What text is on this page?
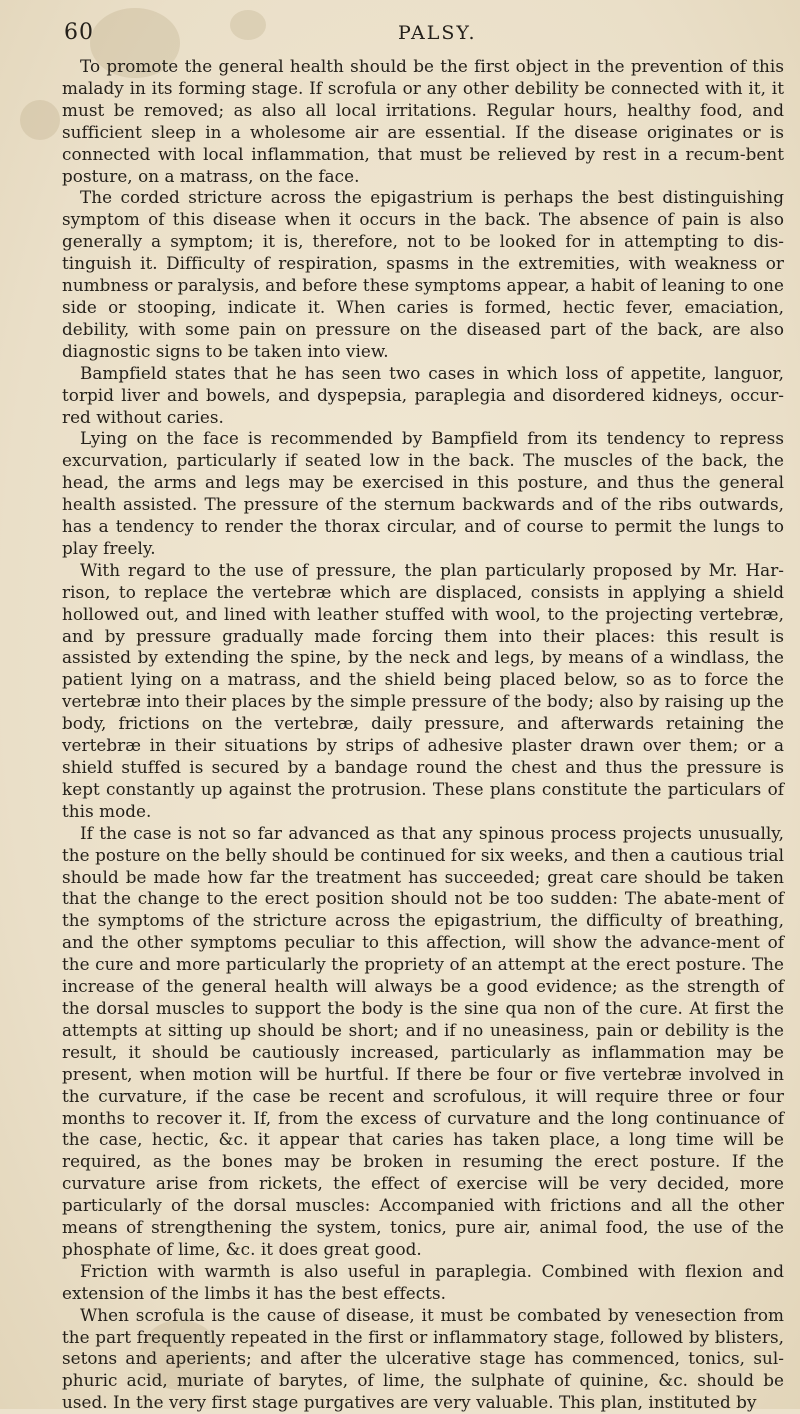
60	PALSY.

To promote the general health should be the first object in the prevention of this malady in its forming stage. If scrofula or any other debility be connected with it, it must be removed; as also all local irritations. Regular hours, healthy food, and sufficient sleep in a wholesome air are essential. If the disease originates or is connected with local inflammation, that must be relieved by rest in a recum-bent posture, on a matrass, on the face.

The corded stricture across the epigastrium is perhaps the best distinguishing symptom of this disease when it occurs in the back. The absence of pain is also generally a symptom; it is, therefore, not to be looked for in attempting to dis-tinguish it. Difficulty of respiration, spasms in the extremities, with weakness or numbness or paralysis, and before these symptoms appear, a habit of leaning to one side or stooping, indicate it. When caries is formed, hectic fever, emaciation, debility, with some pain on pressure on the diseased part of the back, are also diagnostic signs to be taken into view.

Bampfield states that he has seen two cases in which loss of appetite, languor, torpid liver and bowels, and dyspepsia, paraplegia and disordered kidneys, occur-red without caries.

Lying on the face is recommended by Bampfield from its tendency to repress excurvation, particularly if seated low in the back. The muscles of the back, the head, the arms and legs may be exercised in this posture, and thus the general health assisted. The pressure of the sternum backwards and of the ribs outwards, has a tendency to render the thorax circular, and of course to permit the lungs to play freely.

With regard to the use of pressure, the plan particularly proposed by Mr. Har-rison, to replace the vertebræ which are displaced, consists in applying a shield hollowed out, and lined with leather stuffed with wool, to the projecting vertebræ, and by pressure gradually made forcing them into their places: this result is assisted by extending the spine, by the neck and legs, by means of a windlass, the patient lying on a matrass, and the shield being placed below, so as to force the vertebræ into their places by the simple pressure of the body; also by raising up the body, frictions on the vertebræ, daily pressure, and afterwards retaining the vertebræ in their situations by strips of adhesive plaster drawn over them; or a shield stuffed is secured by a bandage round the chest and thus the pressure is kept constantly up against the protrusion. These plans constitute the particulars of this mode.

If the case is not so far advanced as that any spinous process projects unusually, the posture on the belly should be continued for six weeks, and then a cautious trial should be made how far the treatment has succeeded; great care should be taken that the change to the erect position should not be too sudden: The abate-ment of the symptoms of the stricture across the epigastrium, the difficulty of breathing, and the other symptoms peculiar to this affection, will show the advance-ment of the cure and more particularly the propriety of an attempt at the erect posture. The increase of the general health will always be a good evidence; as the strength of the dorsal muscles to support the body is the sine qua non of the cure. At first the attempts at sitting up should be short; and if no uneasiness, pain or debility is the result, it should be cautiously increased, particularly as inflammation may be present, when motion will be hurtful. If there be four or five vertebræ involved in the curvature, if the case be recent and scrofulous, it will require three or four months to recover it. If, from the excess of curvature and the long continuance of the case, hectic, &c. it appear that caries has taken place, a long time will be required, as the bones may be broken in resuming the erect posture. If the curvature arise from rickets, the effect of exercise will be very decided, more particularly of the dorsal muscles: Accompanied with frictions and all the other means of strengthening the system, tonics, pure air, animal food, the use of the phosphate of lime, &c. it does great good.

Friction with warmth is also useful in paraplegia. Combined with flexion and extension of the limbs it has the best effects.

When scrofula is the cause of disease, it must be combated by venesection from the part frequently repeated in the first or inflammatory stage, followed by blisters, setons and aperients; and after the ulcerative stage has commenced, tonics, sul-phuric acid, muriate of barytes, of lime, the sulphate of quinine, &c. should be used. In the very first stage purgatives are very valuable. This plan, instituted by
